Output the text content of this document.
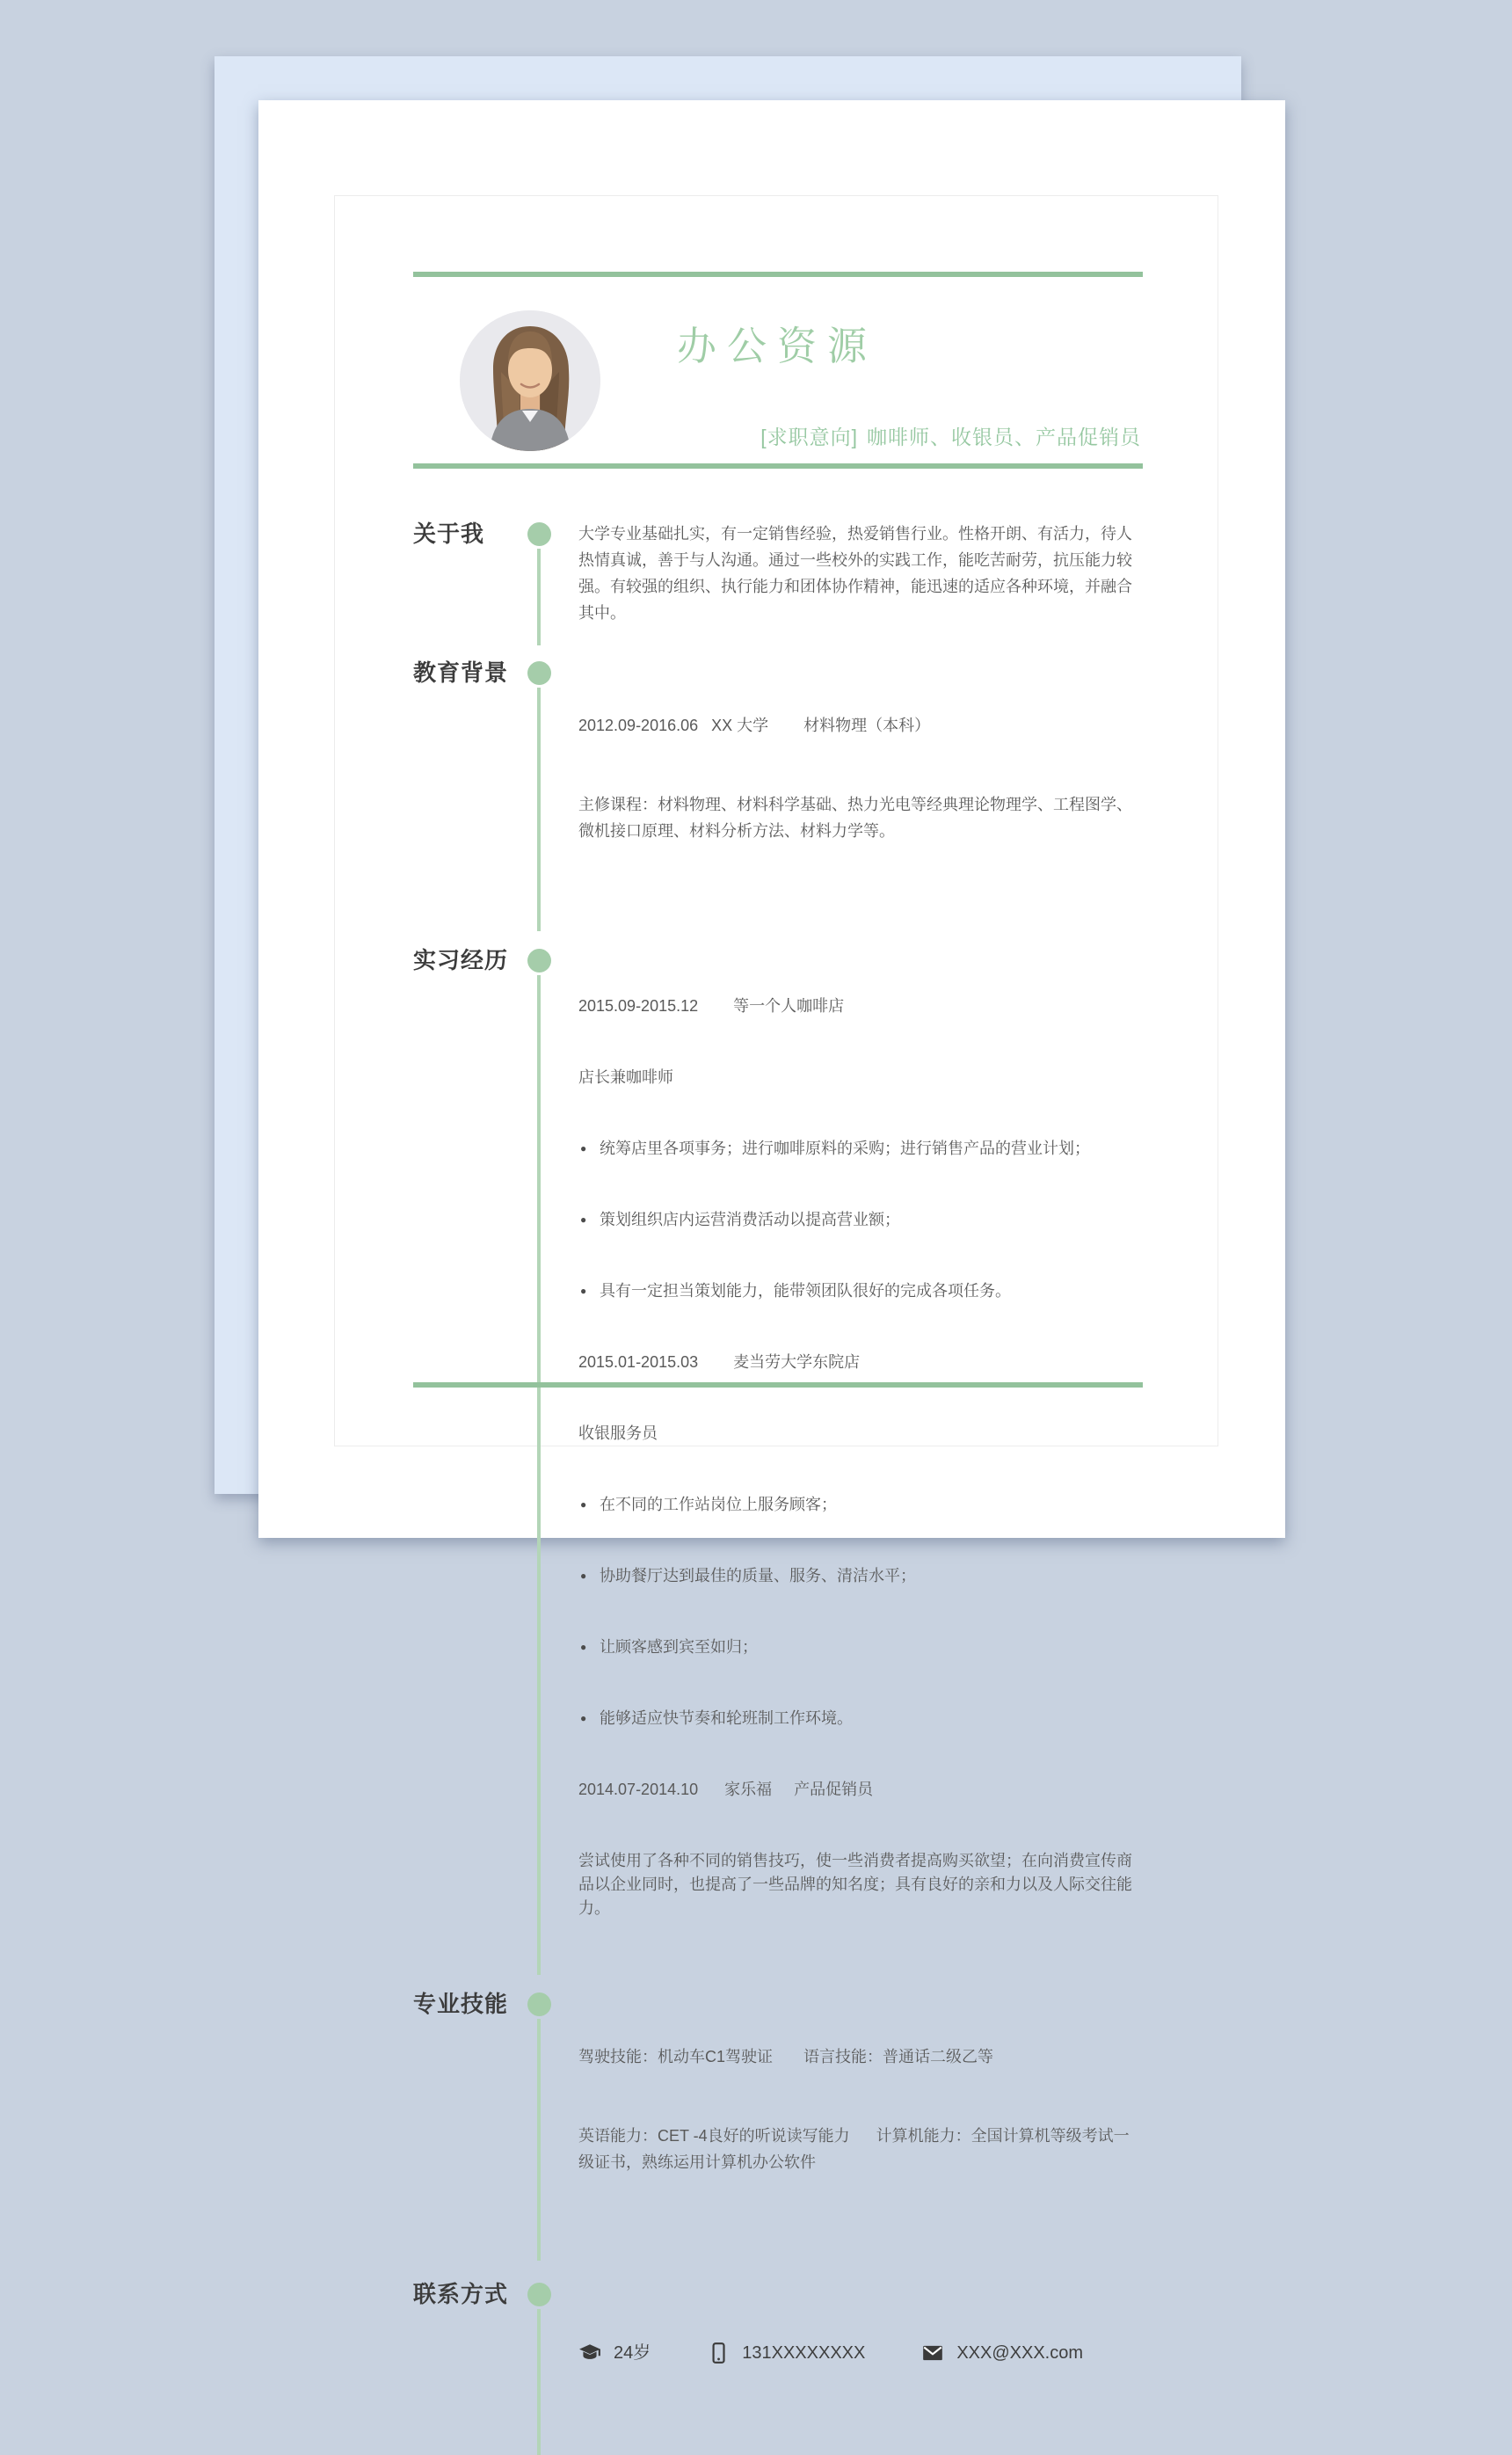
办公资源

[求职意向] 咖啡师、收银员、产品促销员

关于我	大学专业基础扎实，有一定销售经验，热爱销售行业。性格开朗、有活力，待人热情真诚，善于与人沟通。通过一些校外的实践工作，能吃苦耐劳，抗压能力较强。有较强的组织、执行能力和团体协作精神，能迅速的适应各种环境，并融合其中。
教育背景

2012.09-2016.06   XX 大学        材料物理（本科）

主修课程：材料物理、材料科学基础、热力光电等经典理论物理学、工程图学、微机接口原理、材料分析方法、材料力学等。

实习经历

2015.09-2015.12        等一个人咖啡店

店长兼咖啡师

● 统筹店里各项事务；进行咖啡原料的采购；进行销售产品的营业计划；

● 策划组织店内运营消费活动以提高营业额；

● 具有一定担当策划能力，能带领团队很好的完成各项任务。

2015.01-2015.03        麦当劳大学东院店

收银服务员

● 在不同的工作站岗位上服务顾客；

● 协助餐厅达到最佳的质量、服务、清洁水平；

● 让顾客感到宾至如归；

● 能够适应快节奏和轮班制工作环境。

2014.07-2014.10      家乐福     产品促销员

尝试使用了各种不同的销售技巧，使一些消费者提高购买欲望；在向消费宣传商品以企业同时，也提高了一些品牌的知名度；具有良好的亲和力以及人际交往能力。

专业技能

驾驶技能：机动车C1驾驶证       语言技能：普通话二级乙等

英语能力：CET -4良好的听说读写能力      计算机能力：全国计算机等级考试一级证书，熟练运用计算机办公软件

联系方式

24岁	131XXXXXXXX	XXX@XXX.com
